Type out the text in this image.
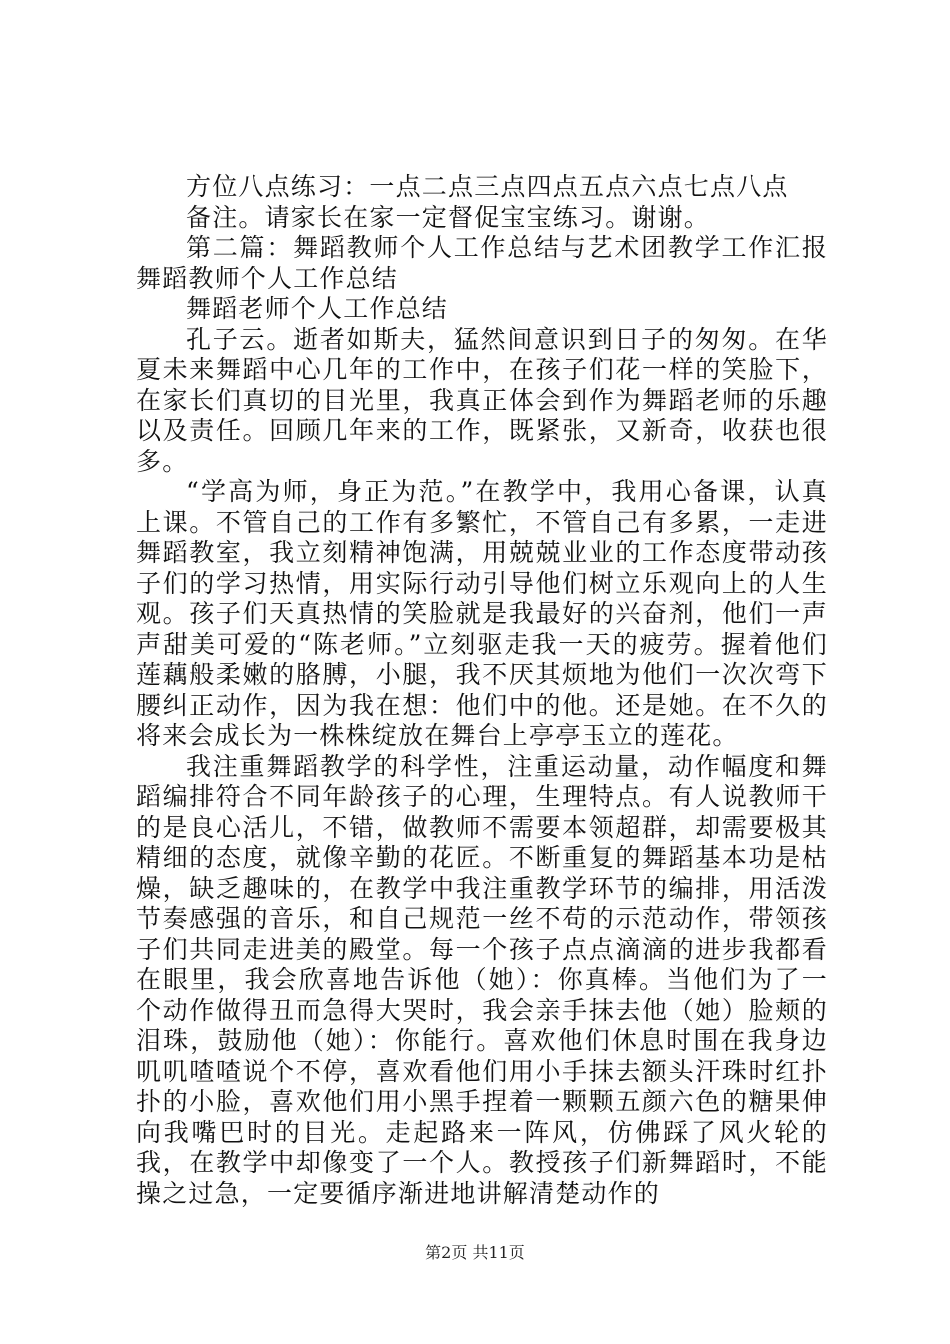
方位八点练习：一点二点三点四点五点六点七点八点

备注。请家长在家一定督促宝宝练习。谢谢。

第二篇：舞蹈教师个人工作总结与艺术团教学工作汇报舞蹈教师个人工作总结

舞蹈老师个人工作总结

孔子云。逝者如斯夫，猛然间意识到日子的匆匆。在华夏未来舞蹈中心几年的工作中，在孩子们花一样的笑脸下，在家长们真切的目光里，我真正体会到作为舞蹈老师的乐趣以及责任。回顾几年来的工作，既紧张，又新奇，收获也很多。

“学高为师，身正为范。”在教学中，我用心备课，认真上课。不管自己的工作有多繁忙，不管自己有多累，一走进舞蹈教室，我立刻精神饱满，用兢兢业业的工作态度带动孩子们的学习热情，用实际行动引导他们树立乐观向上的人生观。孩子们天真热情的笑脸就是我最好的兴奋剂，他们一声声甜美可爱的“陈老师。”立刻驱走我一天的疲劳。握着他们莲藕般柔嫩的胳膊，小腿，我不厌其烦地为他们一次次弯下腰纠正动作，因为我在想：他们中的他。还是她。在不久的将来会成长为一株株绽放在舞台上亭亭玉立的莲花。

我注重舞蹈教学的科学性，注重运动量，动作幅度和舞蹈编排符合不同年龄孩子的心理，生理特点。有人说教师干的是良心活儿，不错，做教师不需要本领超群，却需要极其精细的态度，就像辛勤的花匠。不断重复的舞蹈基本功是枯燥，缺乏趣味的，在教学中我注重教学环节的编排，用活泼节奏感强的音乐，和自己规范一丝不苟的示范动作，带领孩子们共同走进美的殿堂。每一个孩子点点滴滴的进步我都看在眼里，我会欣喜地告诉他（她）：你真棒。当他们为了一个动作做得丑而急得大哭时，我会亲手抹去他（她）脸颊的泪珠，鼓励他（她）：你能行。喜欢他们休息时围在我身边叽叽喳喳说个不停，喜欢看他们用小手抹去额头汗珠时红扑扑的小脸，喜欢他们用小黑手捏着一颗颗五颜六色的糖果伸向我嘴巴时的目光。走起路来一阵风，仿佛踩了风火轮的我，在教学中却像变了一个人。教授孩子们新舞蹈时，不能操之过急，一定要循序渐进地讲解清楚动作的

第2页 共11页
